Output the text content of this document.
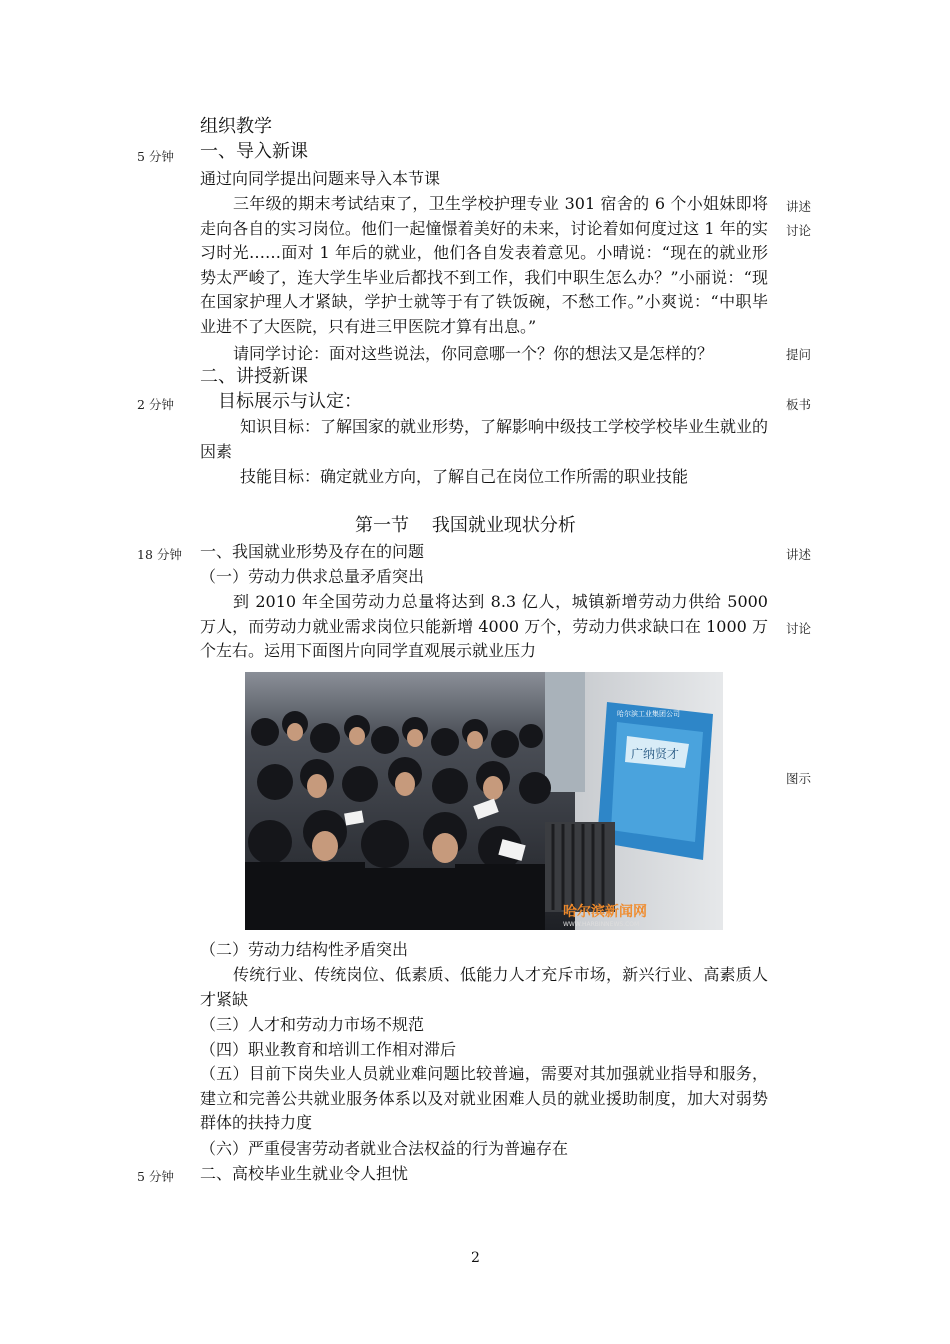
5 分钟
2 分钟
18 分钟
5 分钟
讲述
讨论
提问
板书
讲述
讨论
图示
组织教学
一、导入新课
通过向同学提出问题来导入本节课
三年级的期末考试结束了，卫生学校护理专业 301 宿舍的 6 个小姐妹即将走向各自的实习岗位。他们一起憧憬着美好的未来，讨论着如何度过这 1 年的实习时光……面对 1 年后的就业，他们各自发表着意见。小晴说：“现在的就业形势太严峻了，连大学生毕业后都找不到工作，我们中职生怎么办？”小丽说：“现在国家护理人才紧缺，学护士就等于有了铁饭碗，不愁工作。”小爽说：“中职毕业进不了大医院，只有进三甲医院才算有出息。”
请同学讨论：面对这些说法，你同意哪一个？你的想法又是怎样的？
二、讲授新课
目标展示与认定：
知识目标：了解国家的就业形势，了解影响中级技工学校学校毕业生就业的因素
技能目标：确定就业方向，了解自己在岗位工作所需的职业技能
第一节    我国就业现状分析
一、我国就业形势及存在的问题
（一）劳动力供求总量矛盾突出
到 2010 年全国劳动力总量将达到 8.3 亿人，城镇新增劳动力供给 5000 万人，而劳动力就业需求岗位只能新增 4000 万个，劳动力供求缺口在 1000 万个左右。运用下面图片向同学直观展示就业压力
广纳贤才
哈尔滨工业集团公司
哈尔滨新闻网
WWW.HARBINNEWS.COM
（二）劳动力结构性矛盾突出
传统行业、传统岗位、低素质、低能力人才充斥市场，新兴行业、高素质人才紧缺
（三）人才和劳动力市场不规范
（四）职业教育和培训工作相对滞后
（五）目前下岗失业人员就业难问题比较普遍，需要对其加强就业指导和服务，建立和完善公共就业服务体系以及对就业困难人员的就业援助制度，加大对弱势群体的扶持力度
（六）严重侵害劳动者就业合法权益的行为普遍存在
二、高校毕业生就业令人担忧
2
